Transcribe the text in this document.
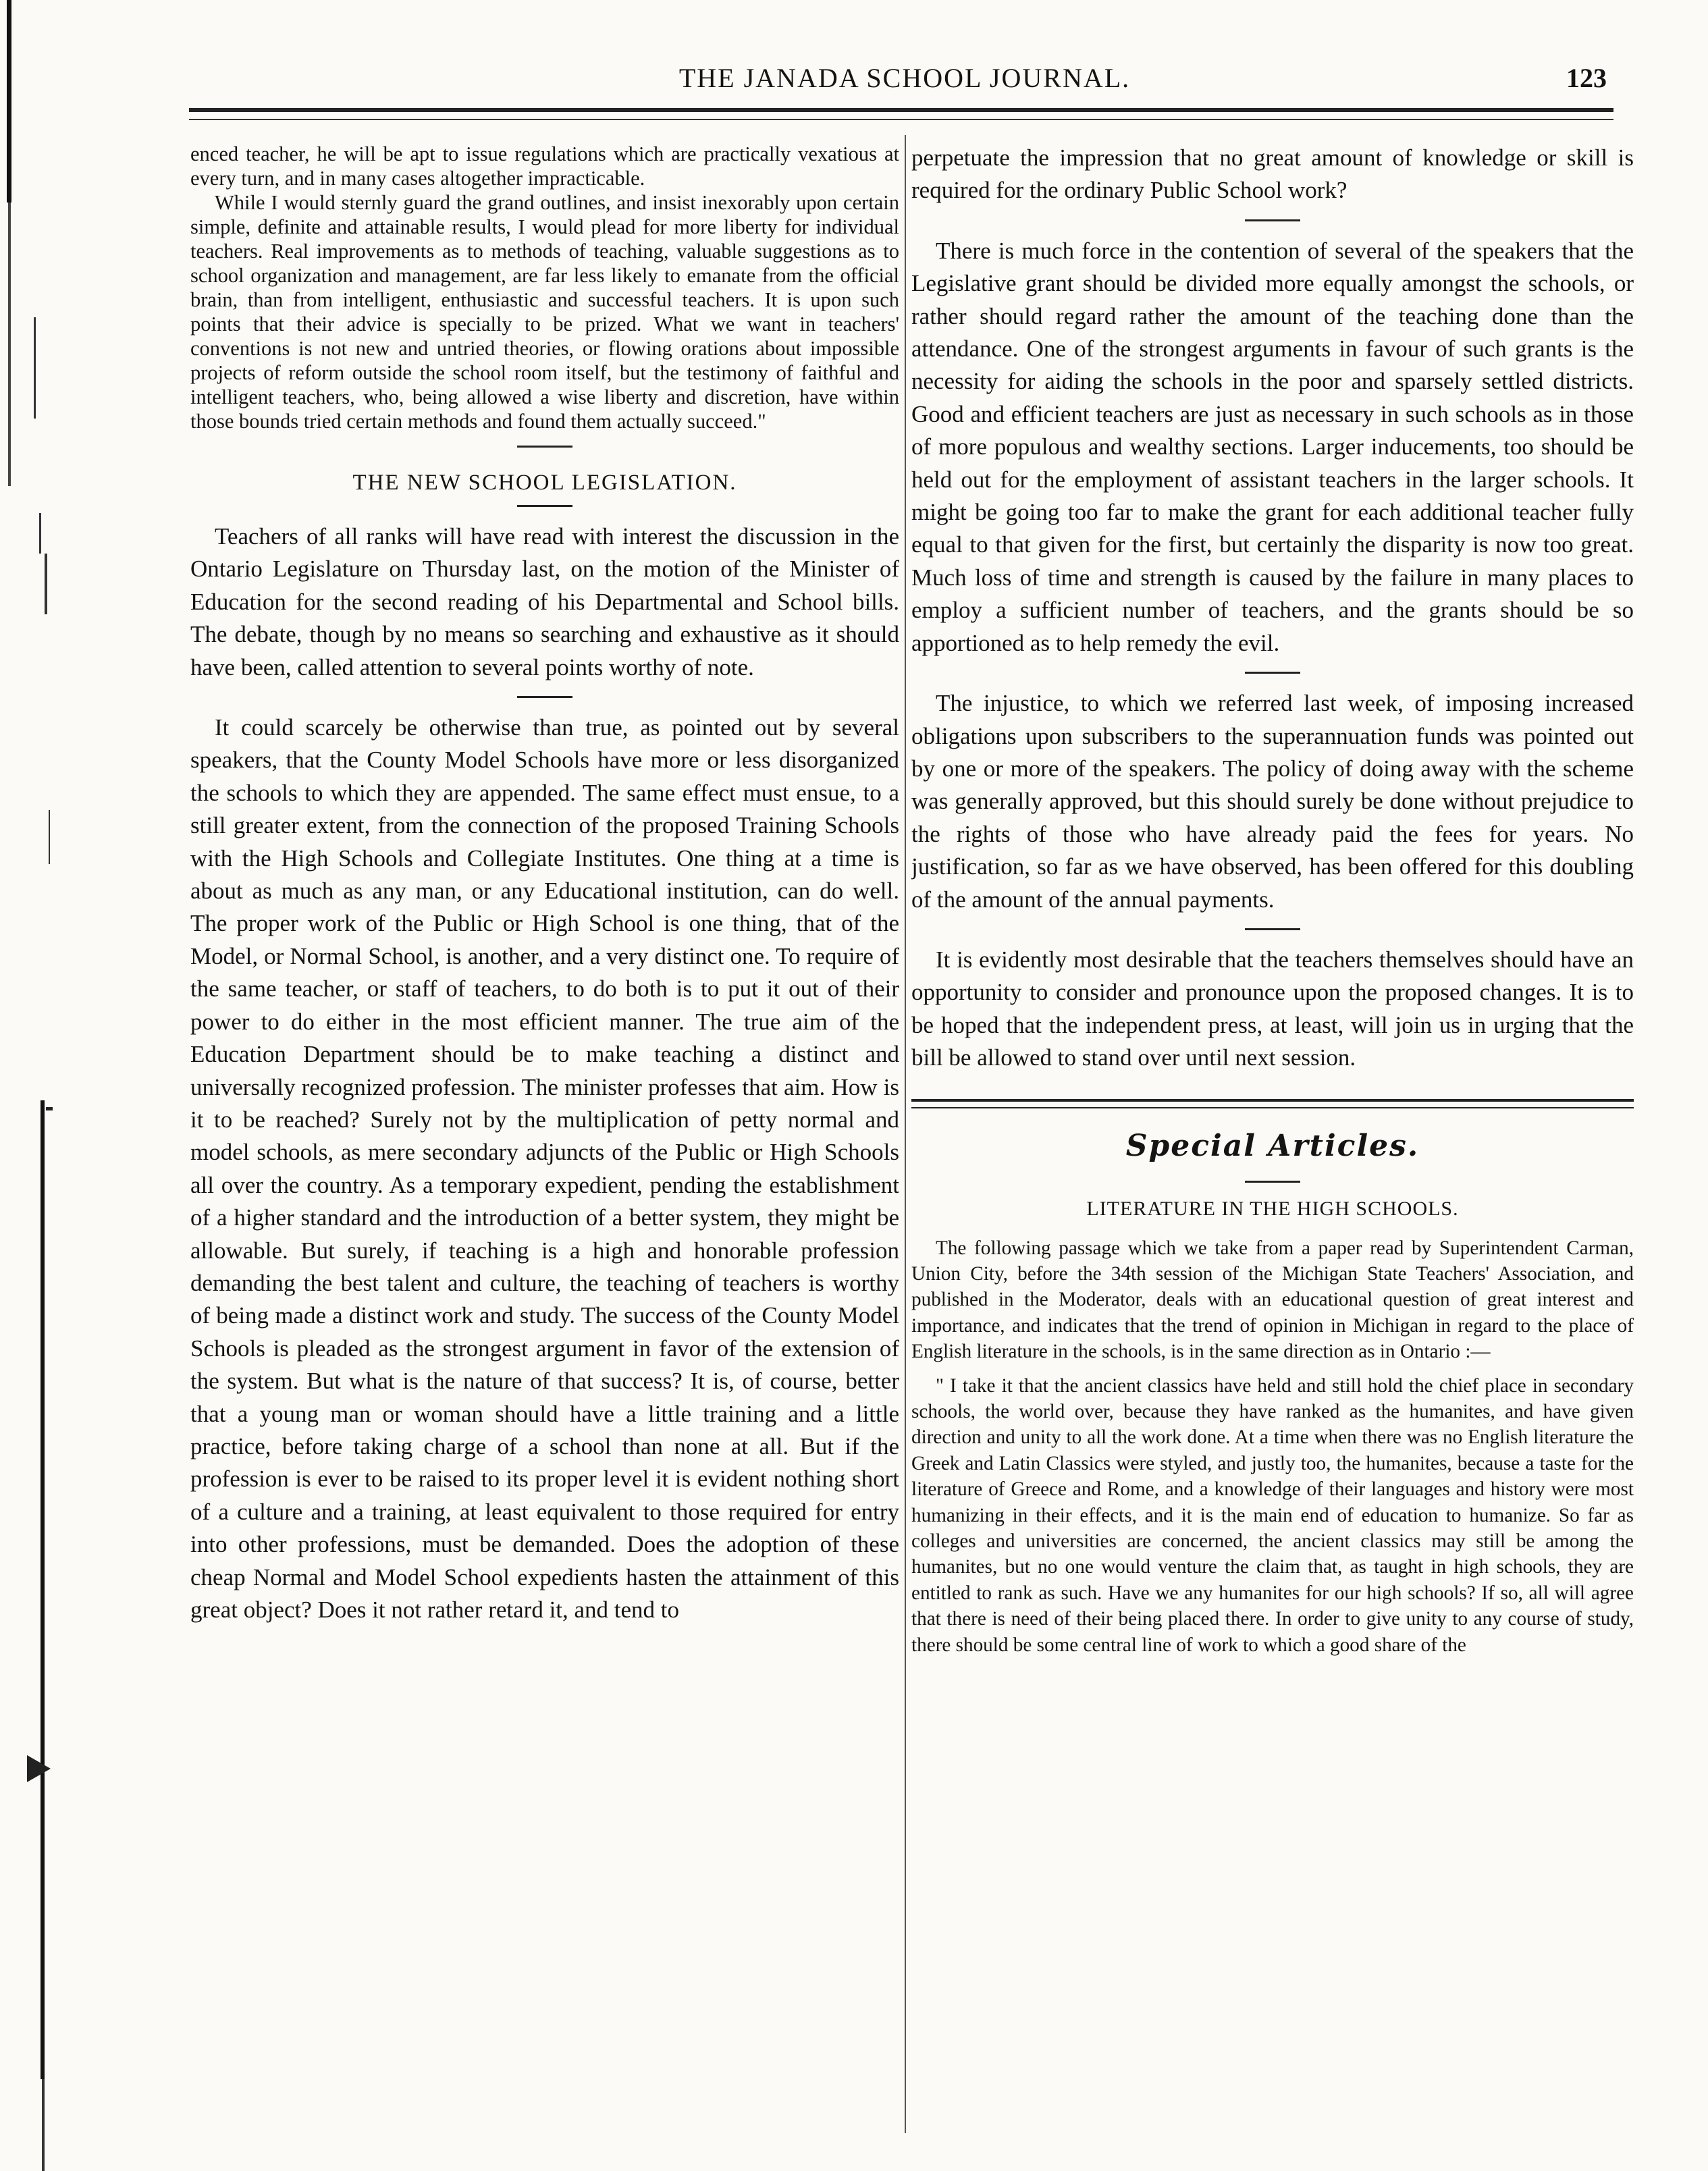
THE JANADA SCHOOL JOURNAL.	123

enced teacher, he will be apt to issue regulations which are practically vexatious at every turn, and in many cases altogether impracticable.

While I would sternly guard the grand outlines, and insist inexorably upon certain simple, definite and attainable results, I would plead for more liberty for individual teachers. Real improvements as to methods of teaching, valuable suggestions as to school organization and management, are far less likely to emanate from the official brain, than from intelligent, enthusiastic and successful teachers. It is upon such points that their advice is specially to be prized. What we want in teachers' conventions is not new and untried theories, or flowing orations about impossible projects of reform outside the school room itself, but the testimony of faithful and intelligent teachers, who, being allowed a wise liberty and discretion, have within those bounds tried certain methods and found them actually succeed."

THE NEW SCHOOL LEGISLATION.

Teachers of all ranks will have read with interest the discussion in the Ontario Legislature on Thursday last, on the motion of the Minister of Education for the second reading of his Departmental and School bills. The debate, though by no means so searching and exhaustive as it should have been, called attention to several points worthy of note.

It could scarcely be otherwise than true, as pointed out by several speakers, that the County Model Schools have more or less disorganized the schools to which they are appended. The same effect must ensue, to a still greater extent, from the connection of the proposed Training Schools with the High Schools and Collegiate Institutes. One thing at a time is about as much as any man, or any Educational institution, can do well. The proper work of the Public or High School is one thing, that of the Model, or Normal School, is another, and a very distinct one. To require of the same teacher, or staff of teachers, to do both is to put it out of their power to do either in the most efficient manner. The true aim of the Education Department should be to make teaching a distinct and universally recognized profession. The minister professes that aim. How is it to be reached? Surely not by the multiplication of petty normal and model schools, as mere secondary adjuncts of the Public or High Schools all over the country. As a temporary expedient, pending the establishment of a higher standard and the introduction of a better system, they might be allowable. But surely, if teaching is a high and honorable profession demanding the best talent and culture, the teaching of teachers is worthy of being made a distinct work and study. The success of the County Model Schools is pleaded as the strongest argument in favor of the extension of the system. But what is the nature of that success? It is, of course, better that a young man or woman should have a little training and a little practice, before taking charge of a school than none at all. But if the profession is ever to be raised to its proper level it is evident nothing short of a culture and a training, at least equivalent to those required for entry into other professions, must be demanded. Does the adoption of these cheap Normal and Model School expedients hasten the attainment of this great object? Does it not rather retard it, and tend to

perpetuate the impression that no great amount of knowledge or skill is required for the ordinary Public School work?

There is much force in the contention of several of the speakers that the Legislative grant should be divided more equally amongst the schools, or rather should regard rather the amount of the teaching done than the attendance. One of the strongest arguments in favour of such grants is the necessity for aiding the schools in the poor and sparsely settled districts. Good and efficient teachers are just as necessary in such schools as in those of more populous and wealthy sections. Larger inducements, too should be held out for the employment of assistant teachers in the larger schools. It might be going too far to make the grant for each additional teacher fully equal to that given for the first, but certainly the disparity is now too great. Much loss of time and strength is caused by the failure in many places to employ a sufficient number of teachers, and the grants should be so apportioned as to help remedy the evil.

The injustice, to which we referred last week, of imposing increased obligations upon subscribers to the superannuation funds was pointed out by one or more of the speakers. The policy of doing away with the scheme was generally approved, but this should surely be done without prejudice to the rights of those who have already paid the fees for years. No justification, so far as we have observed, has been offered for this doubling of the amount of the annual payments.

It is evidently most desirable that the teachers themselves should have an opportunity to consider and pronounce upon the proposed changes. It is to be hoped that the independent press, at least, will join us in urging that the bill be allowed to stand over until next session.

Special Articles.
LITERATURE IN THE HIGH SCHOOLS.

The following passage which we take from a paper read by Superintendent Carman, Union City, before the 34th session of the Michigan State Teachers' Association, and published in the Moderator, deals with an educational question of great interest and importance, and indicates that the trend of opinion in Michigan in regard to the place of English literature in the schools, is in the same direction as in Ontario :—

" I take it that the ancient classics have held and still hold the chief place in secondary schools, the world over, because they have ranked as the humanites, and have given direction and unity to all the work done. At a time when there was no English literature the Greek and Latin Classics were styled, and justly too, the humanites, because a taste for the literature of Greece and Rome, and a knowledge of their languages and history were most humanizing in their effects, and it is the main end of education to humanize. So far as colleges and universities are concerned, the ancient classics may still be among the humanites, but no one would venture the claim that, as taught in high schools, they are entitled to rank as such. Have we any humanites for our high schools? If so, all will agree that there is need of their being placed there. In order to give unity to any course of study, there should be some central line of work to which a good share of the
